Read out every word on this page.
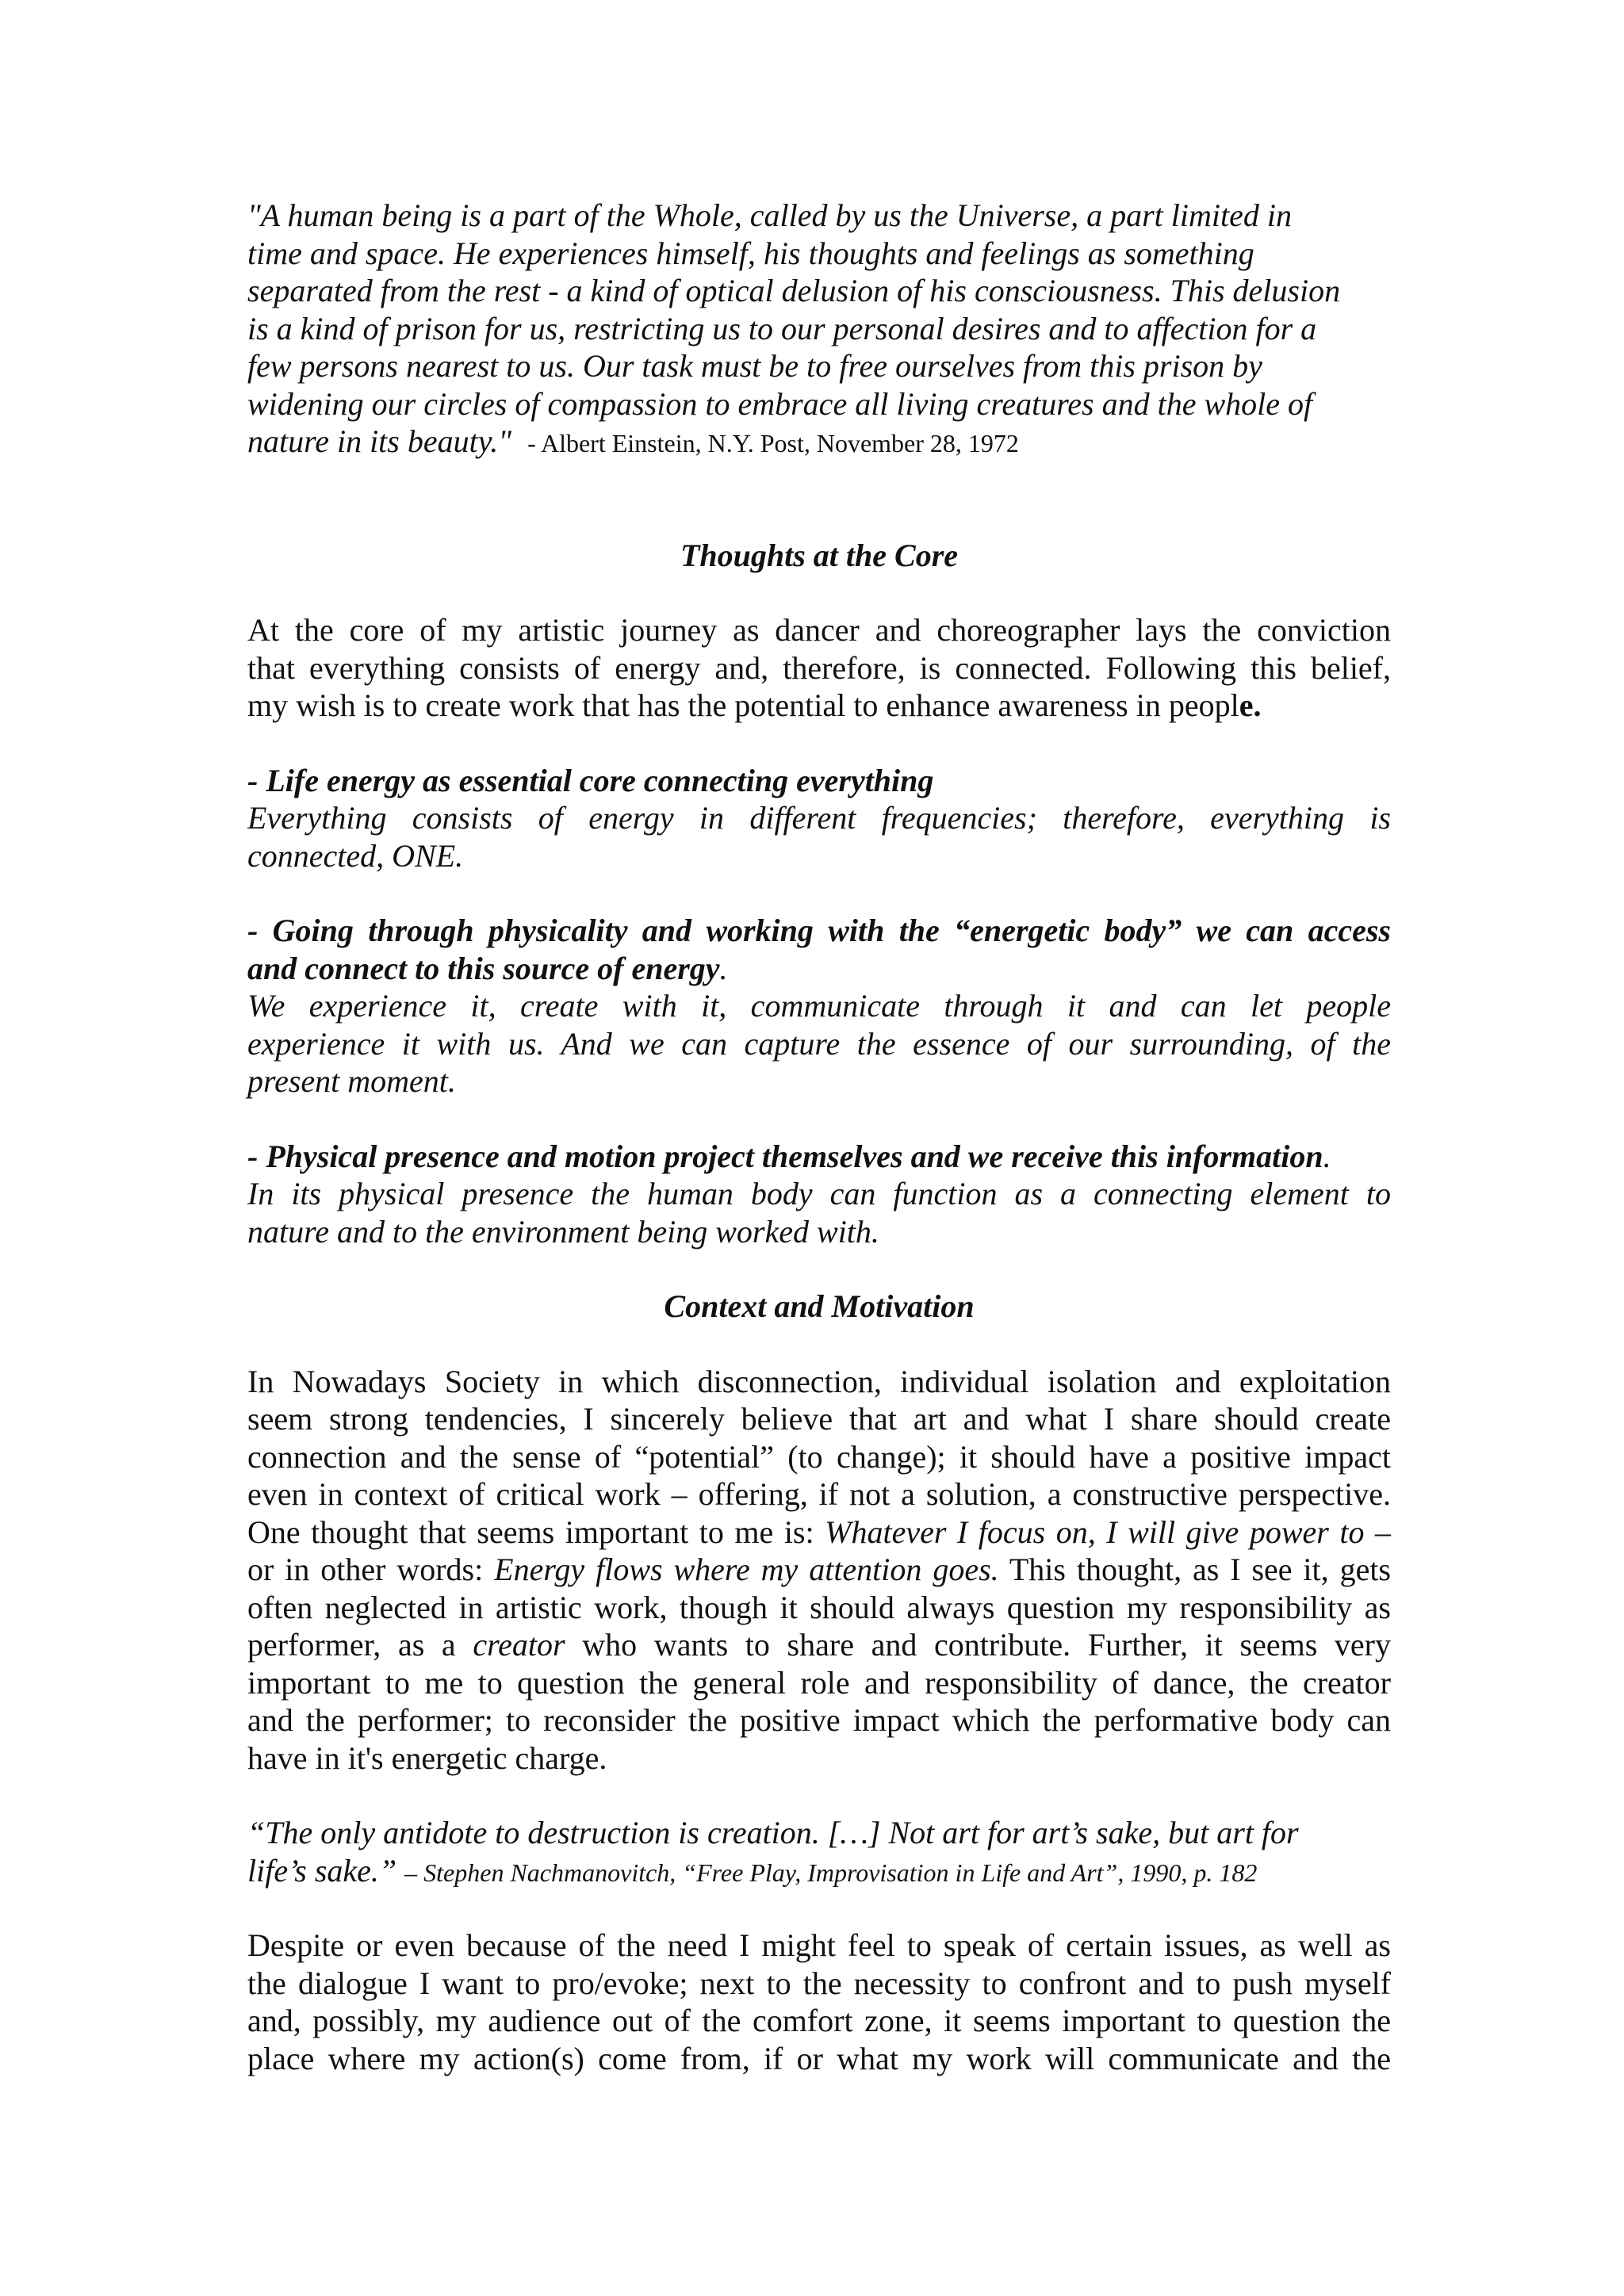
"A human being is a part of the Whole, called by us the Universe, a part limited in
time and space. He experiences himself, his thoughts and feelings as something
separated from the rest - a kind of optical delusion of his consciousness. This delusion
is a kind of prison for us, restricting us to our personal desires and to affection for a
few persons nearest to us. Our task must be to free ourselves from this prison by
widening our circles of compassion to embrace all living creatures and the whole of
nature in its beauty." - Albert Einstein, N.Y. Post, November 28, 1972
Thoughts at the Core
At the core of my artistic journey as dancer and choreographer lays the conviction
that everything consists of energy and, therefore, is connected. Following this belief,
my wish is to create work that has the potential to enhance awareness in people.
- Life energy as essential core connecting everything
Everything consists of energy in different frequencies; therefore, everything is
connected, ONE.
- Going through physicality and working with the “energetic body” we can access
and connect to this source of energy.
We experience it, create with it, communicate through it and can let people
experience it with us. And we can capture the essence of our surrounding, of the
present moment.
- Physical presence and motion project themselves and we receive this information.
In its physical presence the human body can function as a connecting element to
nature and to the environment being worked with.
Context and Motivation
In Nowadays Society in which disconnection, individual isolation and exploitation
seem strong tendencies, I sincerely believe that art and what I share should create
connection and the sense of “potential” (to change); it should have a positive impact
even in context of critical work – offering, if not a solution, a constructive perspective.
One thought that seems important to me is: Whatever I focus on, I will give power to –
or in other words: Energy flows where my attention goes. This thought, as I see it, gets
often neglected in artistic work, though it should always question my responsibility as
performer, as a creator who wants to share and contribute. Further, it seems very
important to me to question the general role and responsibility of dance, the creator
and the performer; to reconsider the positive impact which the performative body can
have in it's energetic charge.
“The only antidote to destruction is creation. […] Not art for art’s sake, but art for
life’s sake.” – Stephen Nachmanovitch, “Free Play, Improvisation in Life and Art”, 1990, p. 182
Despite or even because of the need I might feel to speak of certain issues, as well as
the dialogue I want to pro/evoke; next to the necessity to confront and to push myself
and, possibly, my audience out of the comfort zone, it seems important to question the
place where my action(s) come from, if or what my work will communicate and the
